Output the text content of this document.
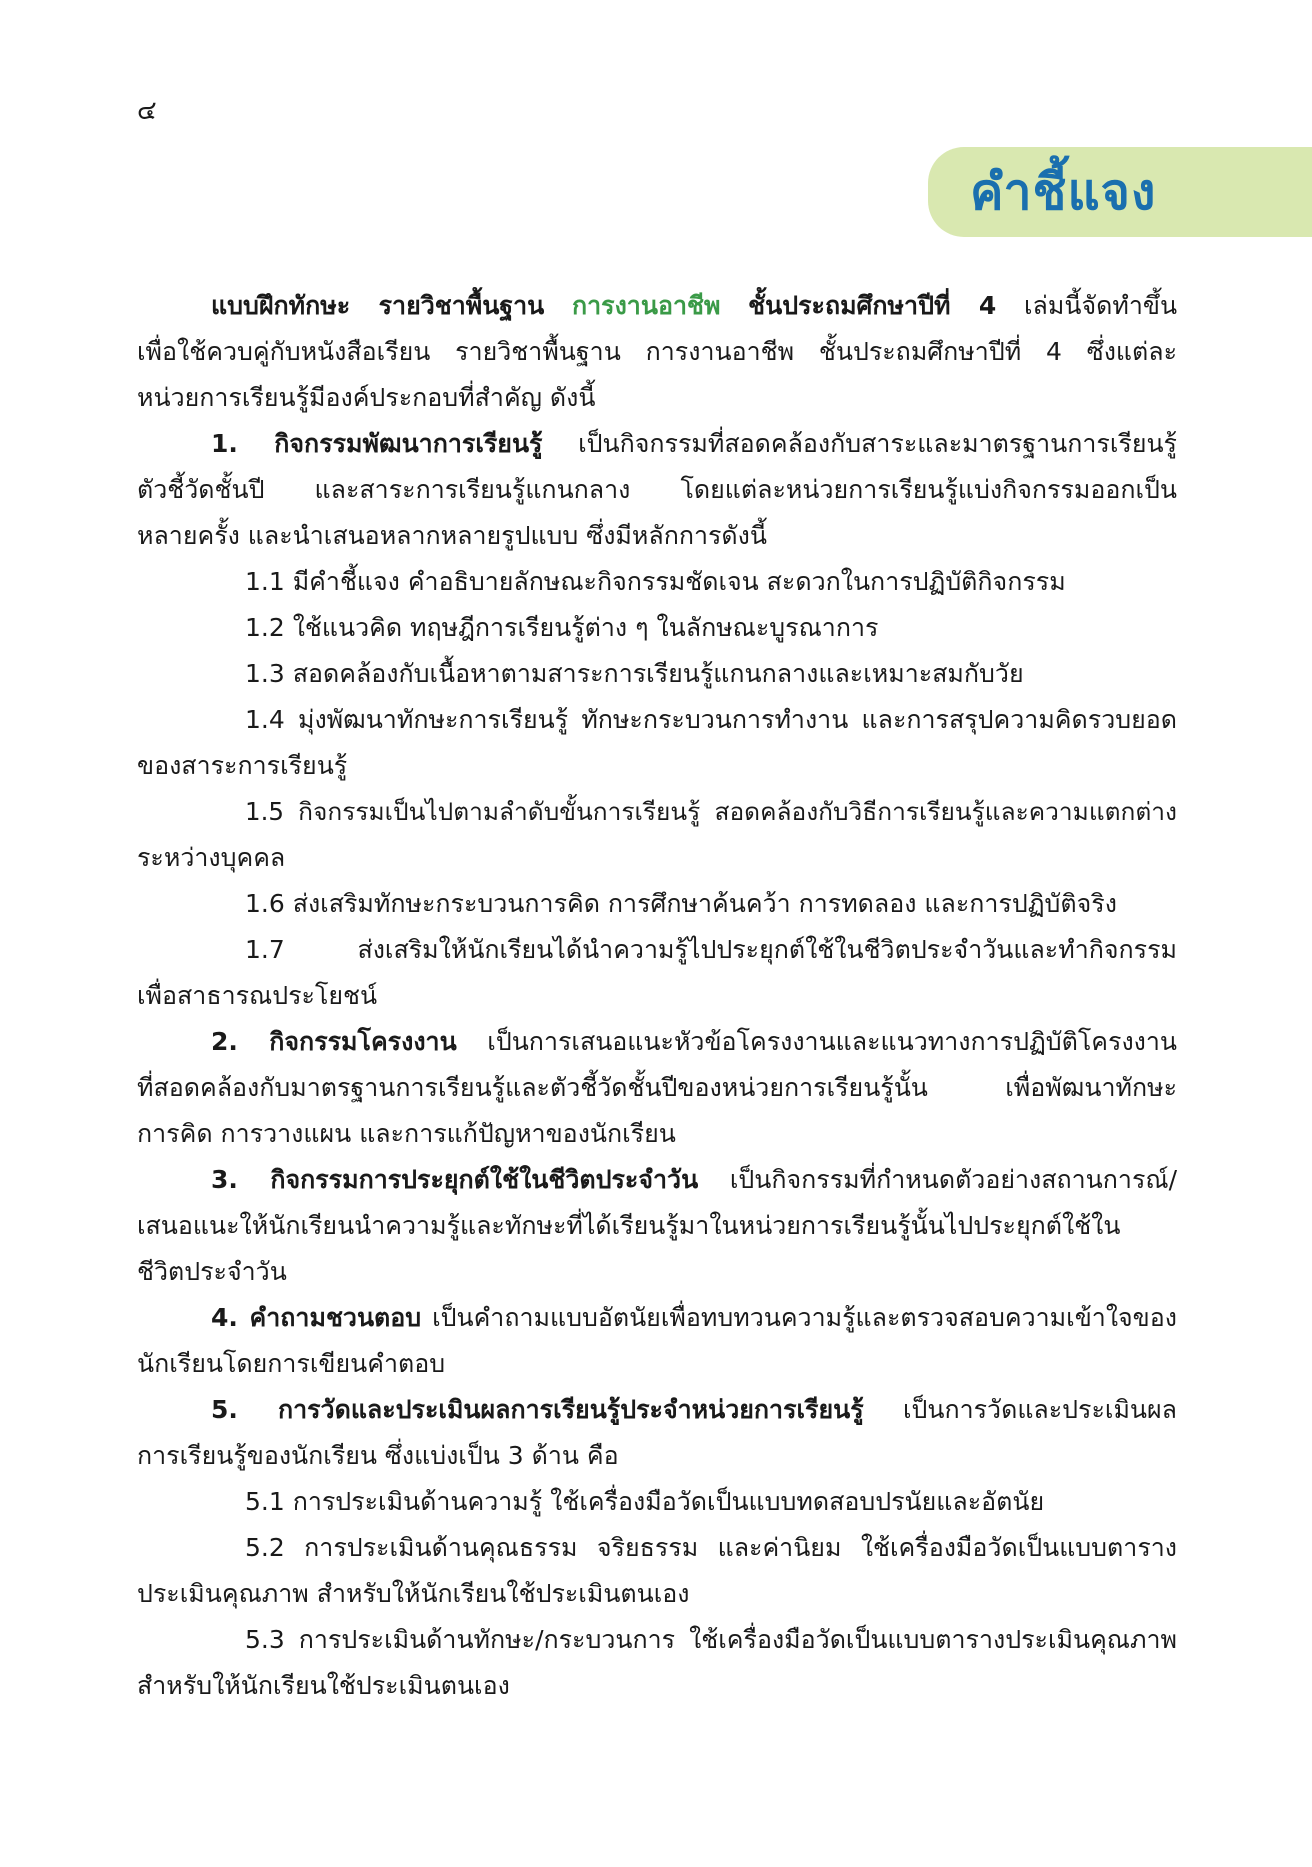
๔
คำชี้แจง
แบบฝึกทักษะ รายวิชาพื้นฐาน การงานอาชีพ ชั้นประถมศึกษาปีที่ 4 เล่มนี้จัดทำขึ้น
เพื่อใช้ควบคู่กับหนังสือเรียน รายวิชาพื้นฐาน การงานอาชีพ ชั้นประถมศึกษาปีที่ 4 ซึ่งแต่ละ
หน่วยการเรียนรู้มีองค์ประกอบที่สำคัญ ดังนี้
1. กิจกรรมพัฒนาการเรียนรู้ เป็นกิจกรรมที่สอดคล้องกับสาระและมาตรฐานการเรียนรู้
ตัวชี้วัดชั้นปี และสาระการเรียนรู้แกนกลาง โดยแต่ละหน่วยการเรียนรู้แบ่งกิจกรรมออกเป็น
หลายครั้ง และนำเสนอหลากหลายรูปแบบ ซึ่งมีหลักการดังนี้
1.1 มีคำชี้แจง คำอธิบายลักษณะกิจกรรมชัดเจน สะดวกในการปฏิบัติกิจกรรม
1.2 ใช้แนวคิด ทฤษฎีการเรียนรู้ต่าง ๆ ในลักษณะบูรณาการ
1.3 สอดคล้องกับเนื้อหาตามสาระการเรียนรู้แกนกลางและเหมาะสมกับวัย
1.4 มุ่งพัฒนาทักษะการเรียนรู้ ทักษะกระบวนการทำงาน และการสรุปความคิดรวบยอด
ของสาระการเรียนรู้
1.5 กิจกรรมเป็นไปตามลำดับขั้นการเรียนรู้ สอดคล้องกับวิธีการเรียนรู้และความแตกต่าง
ระหว่างบุคคล
1.6 ส่งเสริมทักษะกระบวนการคิด การศึกษาค้นคว้า การทดลอง และการปฏิบัติจริง
1.7 ส่งเสริมให้นักเรียนได้นำความรู้ไปประยุกต์ใช้ในชีวิตประจำวันและทำกิจกรรม
เพื่อสาธารณประโยชน์
2. กิจกรรมโครงงาน เป็นการเสนอแนะหัวข้อโครงงานและแนวทางการปฏิบัติโครงงาน
ที่สอดคล้องกับมาตรฐานการเรียนรู้และตัวชี้วัดชั้นปีของหน่วยการเรียนรู้นั้น เพื่อพัฒนาทักษะ
การคิด การวางแผน และการแก้ปัญหาของนักเรียน
3. กิจกรรมการประยุกต์ใช้ในชีวิตประจำวัน เป็นกิจกรรมที่กำหนดตัวอย่างสถานการณ์/
เสนอแนะให้นักเรียนนำความรู้และทักษะที่ได้เรียนรู้มาในหน่วยการเรียนรู้นั้นไปประยุกต์ใช้ใน
ชีวิตประจำวัน
4. คำถามชวนตอบ เป็นคำถามแบบอัตนัยเพื่อทบทวนความรู้และตรวจสอบความเข้าใจของ
นักเรียนโดยการเขียนคำตอบ
5. การวัดและประเมินผลการเรียนรู้ประจำหน่วยการเรียนรู้ เป็นการวัดและประเมินผล
การเรียนรู้ของนักเรียน ซึ่งแบ่งเป็น 3 ด้าน คือ
5.1 การประเมินด้านความรู้ ใช้เครื่องมือวัดเป็นแบบทดสอบปรนัยและอัตนัย
5.2 การประเมินด้านคุณธรรม จริยธรรม และค่านิยม ใช้เครื่องมือวัดเป็นแบบตาราง
ประเมินคุณภาพ สำหรับให้นักเรียนใช้ประเมินตนเอง
5.3 การประเมินด้านทักษะ/กระบวนการ ใช้เครื่องมือวัดเป็นแบบตารางประเมินคุณภาพ
สำหรับให้นักเรียนใช้ประเมินตนเอง
